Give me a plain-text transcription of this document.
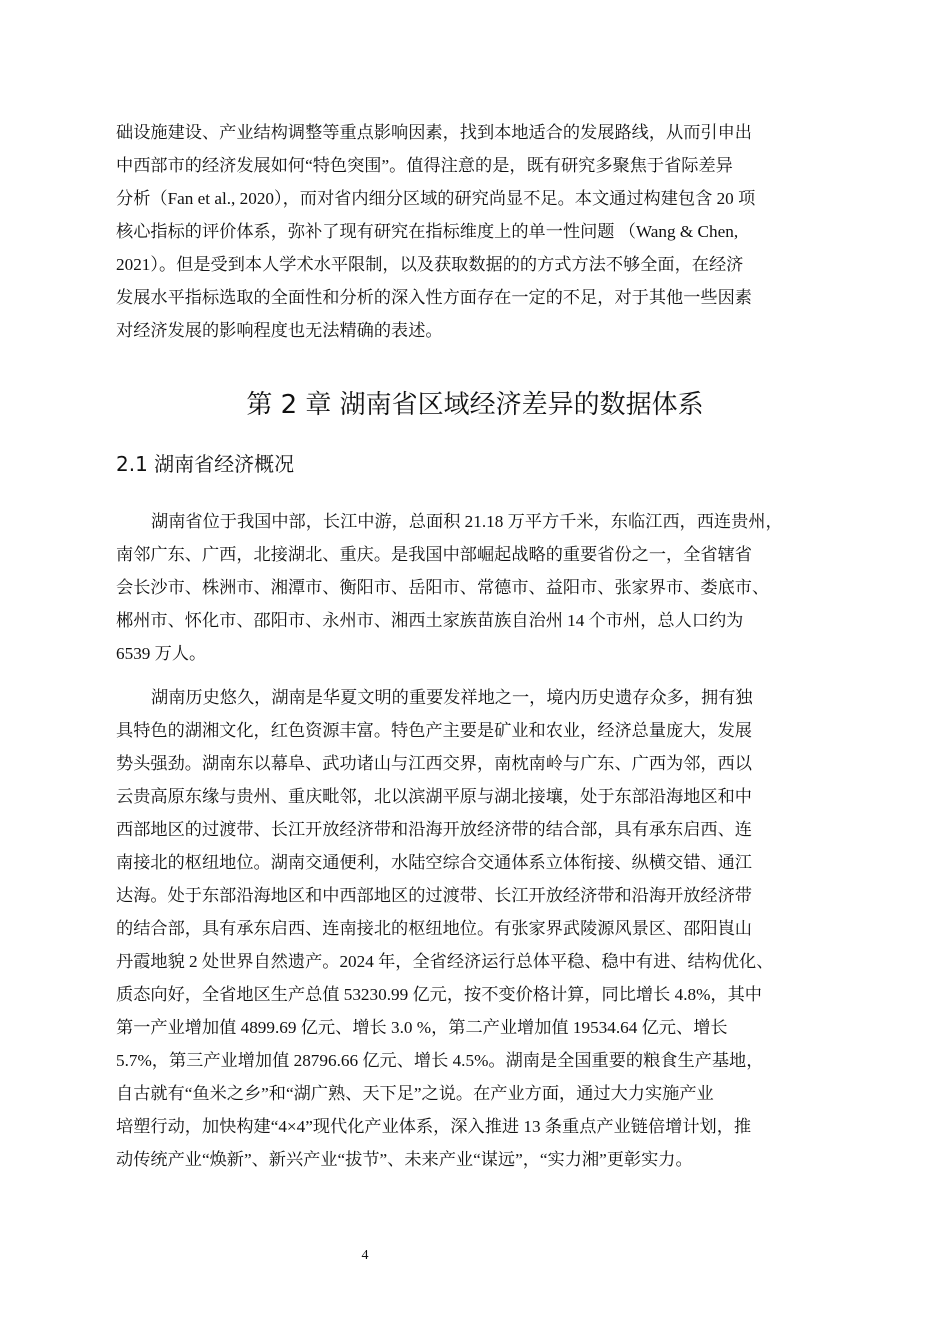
础设施建设、产业结构调整等重点影响因素，找到本地适合的发展路线，从而引申出
中西部市的经济发展如何“特色突围”。值得注意的是，既有研究多聚焦于省际差异
分析（Fan et al., 2020），而对省内细分区域的研究尚显不足。本文通过构建包含 20 项
核心指标的评价体系，弥补了现有研究在指标维度上的单一性问题 （Wang & Chen,
2021）。但是受到本人学术水平限制，以及获取数据的的方式方法不够全面，在经济
发展水平指标选取的全面性和分析的深入性方面存在一定的不足，对于其他一些因素
对经济发展的影响程度也无法精确的表述。
第 2 章 湖南省区域经济差异的数据体系
2.1 湖南省经济概况
湖南省位于我国中部，长江中游，总面积 21.18 万平方千米，东临江西，西连贵州，
南邻广东、广西，北接湖北、重庆。是我国中部崛起战略的重要省份之一，全省辖省
会长沙市、株洲市、湘潭市、衡阳市、岳阳市、常德市、益阳市、张家界市、娄底市、
郴州市、怀化市、邵阳市、永州市、湘西土家族苗族自治州 14 个市州，总人口约为
6539 万人。
湖南历史悠久，湖南是华夏文明的重要发祥地之一，境内历史遗存众多，拥有独
具特色的湖湘文化，红色资源丰富。特色产主要是矿业和农业，经济总量庞大，发展
势头强劲。湖南东以幕阜、武功诸山与江西交界，南枕南岭与广东、广西为邻，西以
云贵高原东缘与贵州、重庆毗邻，北以滨湖平原与湖北接壤，处于东部沿海地区和中
西部地区的过渡带、长江开放经济带和沿海开放经济带的结合部，具有承东启西、连
南接北的枢纽地位。湖南交通便利，水陆空综合交通体系立体衔接、纵横交错、通江
达海。处于东部沿海地区和中西部地区的过渡带、长江开放经济带和沿海开放经济带
的结合部，具有承东启西、连南接北的枢纽地位。有张家界武陵源风景区、邵阳崀山
丹霞地貌 2 处世界自然遗产。2024 年，全省经济运行总体平稳、稳中有进、结构优化、
质态向好，全省地区生产总值 53230.99 亿元，按不变价格计算，同比增长 4.8%，其中
第一产业增加值 4899.69 亿元、增长 3.0 %，第二产业增加值 19534.64 亿元、增长
5.7%，第三产业增加值 28796.66 亿元、增长 4.5%。湖南是全国重要的粮食生产基地，
自古就有“鱼米之乡”和“湖广熟、天下足”之说。在产业方面，通过大力实施产业
培塑行动，加快构建“4×4”现代化产业体系，深入推进 13 条重点产业链倍增计划，推
动传统产业“焕新”、新兴产业“拔节”、未来产业“谋远”，“实力湘”更彰实力。
4
